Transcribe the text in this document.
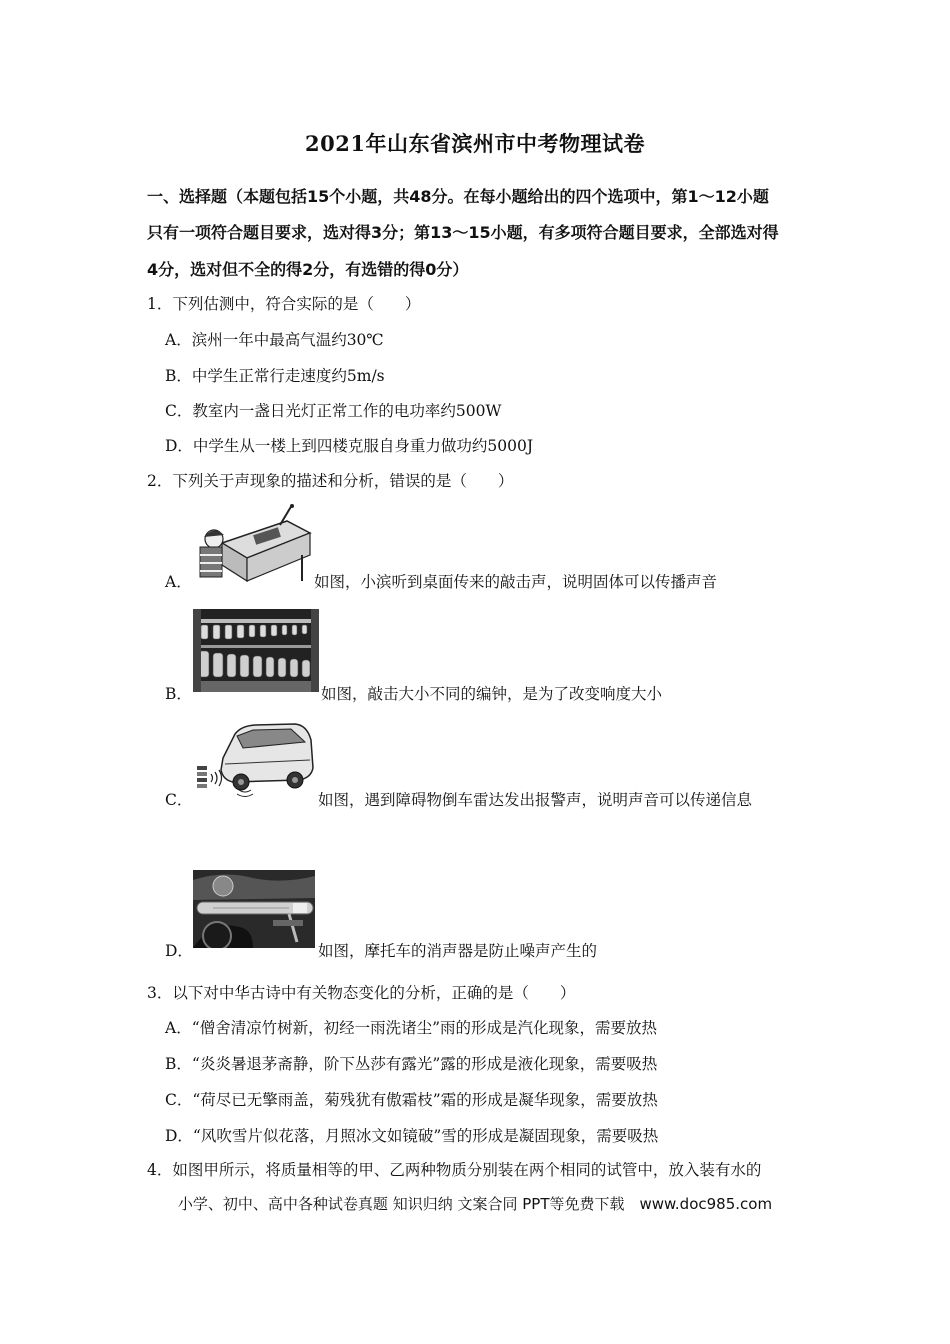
2021年山东省滨州市中考物理试卷
一、选择题（本题包括15个小题，共48分。在每小题给出的四个选项中，第1～12小题
只有一项符合题目要求，选对得3分；第13～15小题，有多项符合题目要求，全部选对得
4分，选对但不全的得2分，有选错的得0分）
1．下列估测中，符合实际的是（　　）
A．滨州一年中最高气温约30℃
B．中学生正常行走速度约5m/s
C．教室内一盏日光灯正常工作的电功率约500W
D．中学生从一楼上到四楼克服自身重力做功约5000J
2．下列关于声现象的描述和分析，错误的是（　　）
A．	如图，小滨听到桌面传来的敲击声，说明固体可以传播声音
B．	如图，敲击大小不同的编钟，是为了改变响度大小
C．	如图，遇到障碍物倒车雷达发出报警声，说明声音可以传递信息
D．	如图，摩托车的消声器是防止噪声产生的
3．以下对中华古诗中有关物态变化的分析，正确的是（　　）
A．“僧舍清凉竹树新，初经一雨洗诸尘”雨的形成是汽化现象，需要放热
B．“炎炎暑退茅斋静，阶下丛莎有露光”露的形成是液化现象，需要吸热
C．“荷尽已无擎雨盖，菊残犹有傲霜枝”霜的形成是凝华现象，需要放热
D．“风吹雪片似花落，月照冰文如镜破”雪的形成是凝固现象，需要吸热
4．如图甲所示，将质量相等的甲、乙两种物质分别装在两个相同的试管中，放入装有水的
小学、初中、高中各种试卷真题 知识归纳 文案合同 PPT等免费下载　www.doc985.com
